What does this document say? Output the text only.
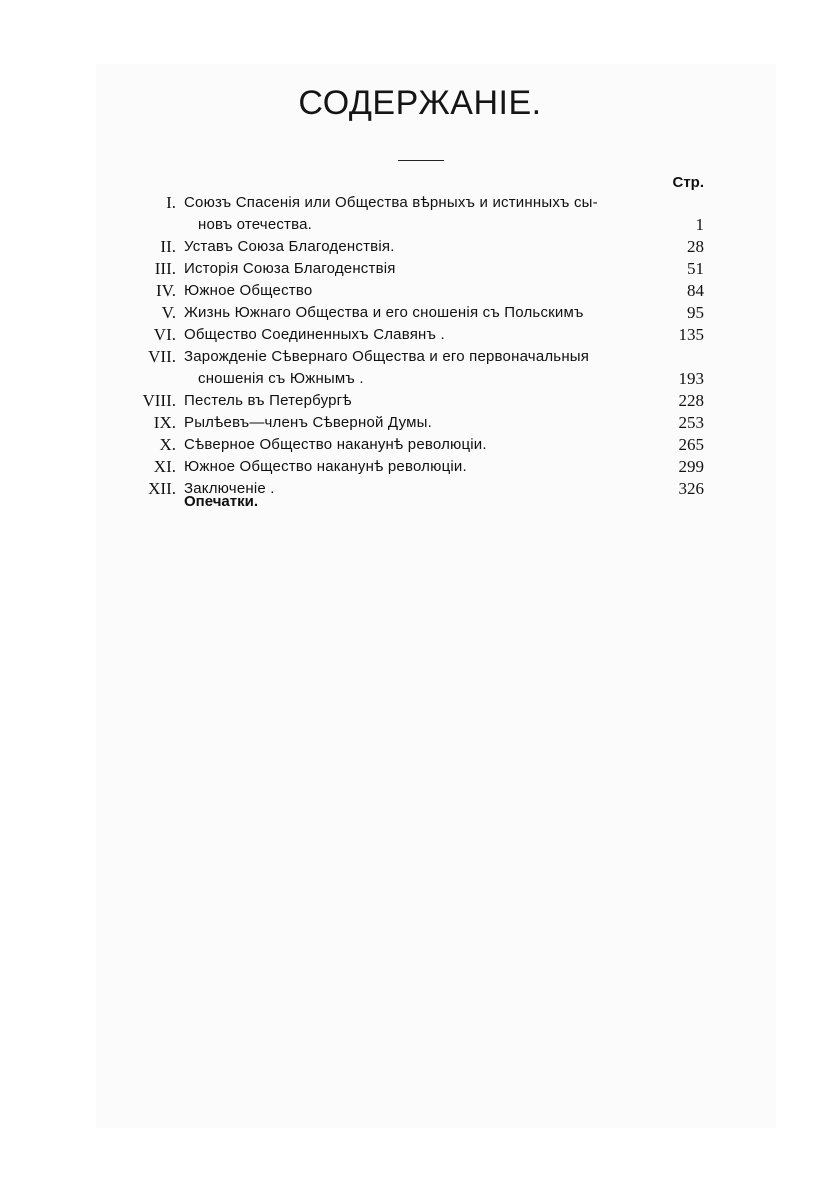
СОДЕРЖАНІЕ.
Стр.
I. Союзъ Спасенія или Общества вѣрныхъ и истинныхъ сы-
новъ отечества.	1
II. Уставъ Союза Благоденствія.	28
III. Исторія Союза Благоденствія	51
IV. Южное Общество	84
V. Жизнь Южнаго Общества и его сношенія съ Польскимъ	95
VI. Общество Соединенныхъ Славянъ .	135
VII. Зарожденіе Сѣвернаго Общества и его первоначальныя
сношенія съ Южнымъ .	193
VIII. Пестель въ Петербургѣ	228
IX. Рылѣевъ—членъ Сѣверной Думы.	253
X. Сѣверное Общество наканунѣ революціи.	265
XI. Южное Общество наканунѣ революціи.	299
XII. Заключеніе .	326
Опечатки.
